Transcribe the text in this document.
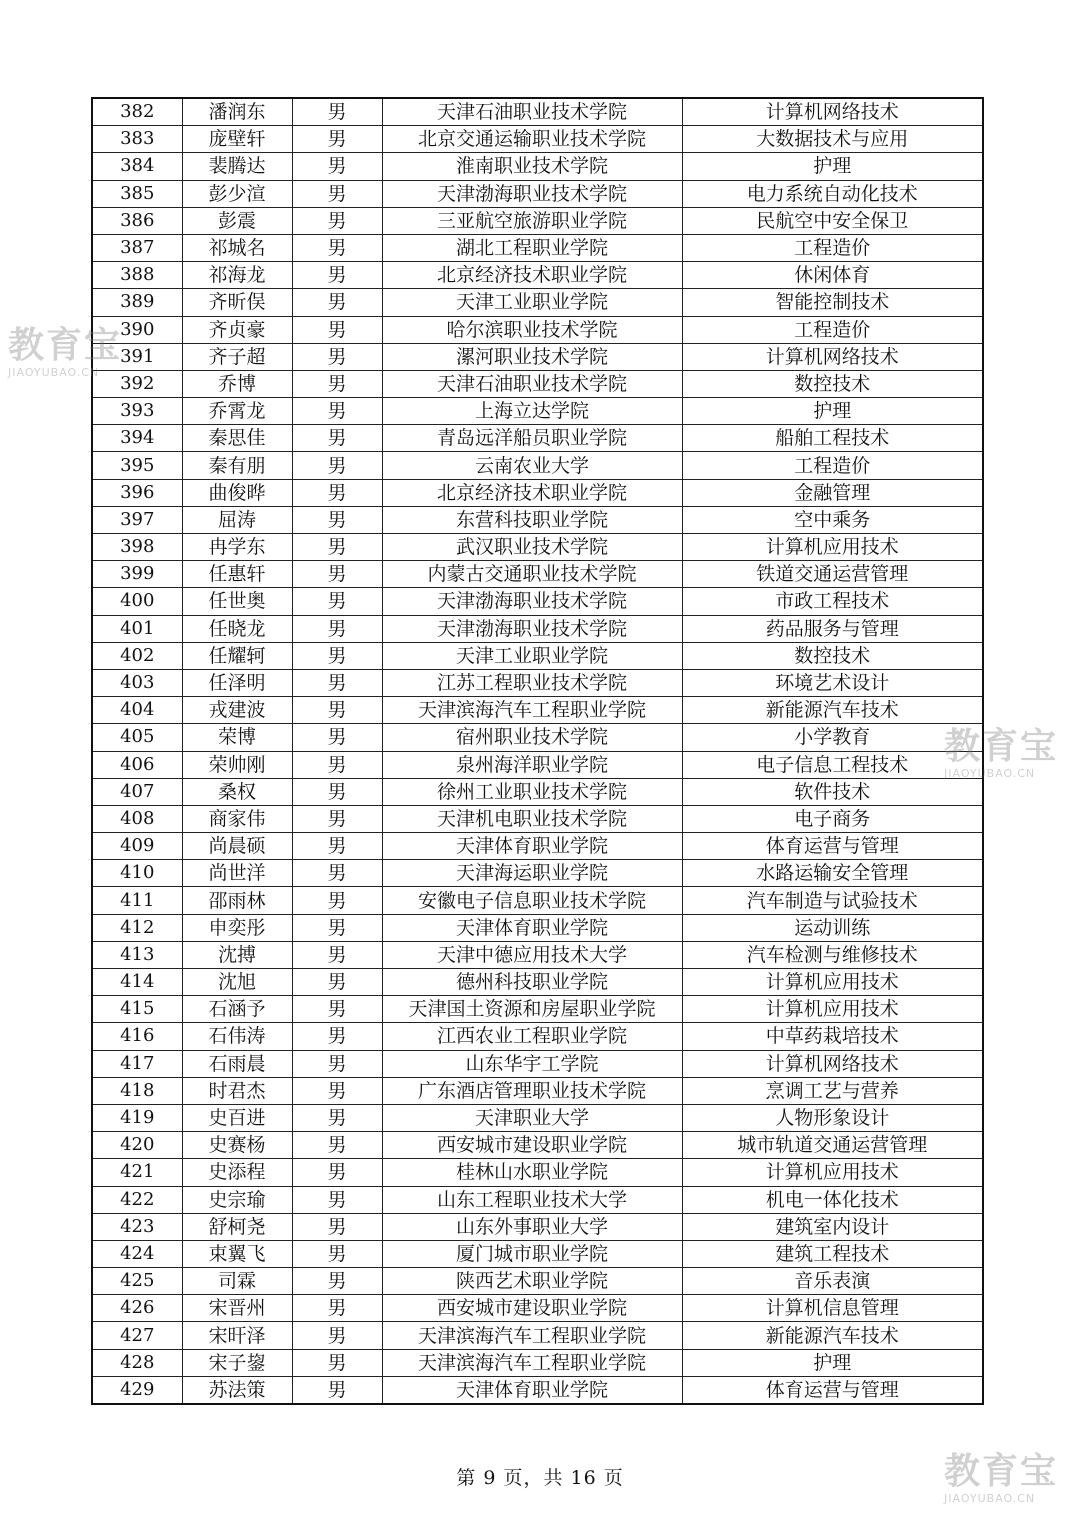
382	潘润东	男	天津石油职业技术学院	计算机网络技术
383	庞壁轩	男	北京交通运输职业技术学院	大数据技术与应用
384	裴腾达	男	淮南职业技术学院	护理
385	彭少渲	男	天津渤海职业技术学院	电力系统自动化技术
386	彭震	男	三亚航空旅游职业学院	民航空中安全保卫
387	祁城名	男	湖北工程职业学院	工程造价
388	祁海龙	男	北京经济技术职业学院	休闲体育
389	齐昕俣	男	天津工业职业学院	智能控制技术
390	齐贞豪	男	哈尔滨职业技术学院	工程造价
391	齐子超	男	漯河职业技术学院	计算机网络技术
392	乔博	男	天津石油职业技术学院	数控技术
393	乔霄龙	男	上海立达学院	护理
394	秦思佳	男	青岛远洋船员职业学院	船舶工程技术
395	秦有朋	男	云南农业大学	工程造价
396	曲俊晔	男	北京经济技术职业学院	金融管理
397	屈涛	男	东营科技职业学院	空中乘务
398	冉学东	男	武汉职业技术学院	计算机应用技术
399	任惠轩	男	内蒙古交通职业技术学院	铁道交通运营管理
400	任世奥	男	天津渤海职业技术学院	市政工程技术
401	任晓龙	男	天津渤海职业技术学院	药品服务与管理
402	任耀轲	男	天津工业职业学院	数控技术
403	任泽明	男	江苏工程职业技术学院	环境艺术设计
404	戎建波	男	天津滨海汽车工程职业学院	新能源汽车技术
405	荣博	男	宿州职业技术学院	小学教育
406	荣帅刚	男	泉州海洋职业学院	电子信息工程技术
407	桑权	男	徐州工业职业技术学院	软件技术
408	商家伟	男	天津机电职业技术学院	电子商务
409	尚晨硕	男	天津体育职业学院	体育运营与管理
410	尚世洋	男	天津海运职业学院	水路运输安全管理
411	邵雨林	男	安徽电子信息职业技术学院	汽车制造与试验技术
412	申奕彤	男	天津体育职业学院	运动训练
413	沈搏	男	天津中德应用技术大学	汽车检测与维修技术
414	沈旭	男	德州科技职业学院	计算机应用技术
415	石涵予	男	天津国土资源和房屋职业学院	计算机应用技术
416	石伟涛	男	江西农业工程职业学院	中草药栽培技术
417	石雨晨	男	山东华宇工学院	计算机网络技术
418	时君杰	男	广东酒店管理职业技术学院	烹调工艺与营养
419	史百进	男	天津职业大学	人物形象设计
420	史赛杨	男	西安城市建设职业学院	城市轨道交通运营管理
421	史添程	男	桂林山水职业学院	计算机应用技术
422	史宗瑜	男	山东工程职业技术大学	机电一体化技术
423	舒柯尧	男	山东外事职业大学	建筑室内设计
424	束翼飞	男	厦门城市职业学院	建筑工程技术
425	司霖	男	陕西艺术职业学院	音乐表演
426	宋晋州	男	西安城市建设职业学院	计算机信息管理
427	宋旰泽	男	天津滨海汽车工程职业学院	新能源汽车技术
428	宋子鋆	男	天津滨海汽车工程职业学院	护理
429	苏法策	男	天津体育职业学院	体育运营与管理
第 9 页，共 16 页
教育宝
JIAOYUBAO.CN
教育宝
JIAOYUBAO.CN
教育宝
JIAOYUBAO.CN
